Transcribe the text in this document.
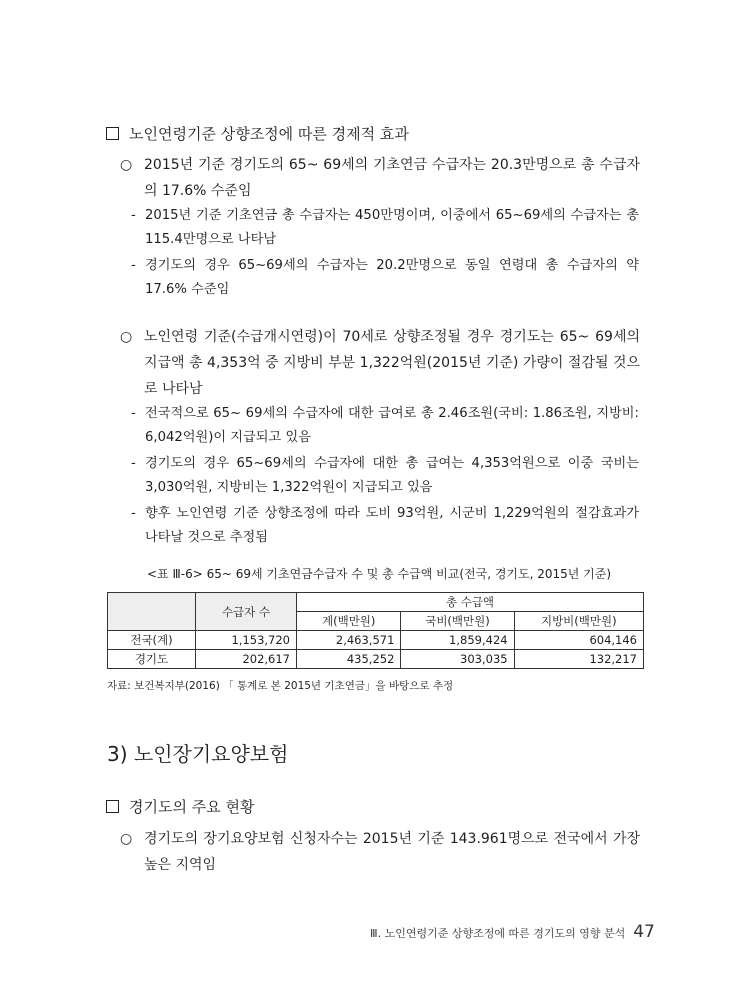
노인연령기준 상향조정에 따른 경제적 효과
○ 2015년 기준 경기도의 65~ 69세의 기초연금 수급자는 20.3만명으로 총 수급자의 17.6% 수준임
- 2015년 기준 기초연금 총 수급자는 450만명이며, 이중에서 65~69세의 수급자는 총 115.4만명으로 나타남
- 경기도의 경우 65~69세의 수급자는 20.2만명으로 동일 연령대 총 수급자의 약 17.6% 수준임
○ 노인연령 기준(수급개시연령)이 70세로 상향조정될 경우 경기도는 65~ 69세의 지급액 총 4,353억 중 지방비 부분 1,322억원(2015년 기준) 가량이 절감될 것으로 나타남
- 전국적으로 65~ 69세의 수급자에 대한 급여로 총 2.46조원(국비: 1.86조원, 지방비: 6,042억원)이 지급되고 있음
- 경기도의 경우 65~69세의 수급자에 대한 총 급여는 4,353억원으로 이중 국비는 3,030억원, 지방비는 1,322억원이 지급되고 있음
- 향후 노인연령 기준 상향조정에 따라 도비 93억원, 시군비 1,229억원의 절감효과가 나타날 것으로 추정됨
<표 Ⅲ-6> 65~ 69세 기초연금수급자 수 및 총 수급액 비교(전국, 경기도, 2015년 기준)
	수급자 수	총 수급액		
		계(백만원)	국비(백만원)	지방비(백만원)
전국(계)	1,153,720	2,463,571	1,859,424	604,146
경기도	202,617	435,252	303,035	132,217
자료: 보건복지부(2016) 「 통계로 본 2015년 기초연금」을 바탕으로 추정
3) 노인장기요양보험
경기도의 주요 현황
○ 경기도의 장기요양보험 신청자수는 2015년 기준 143.961명으로 전국에서 가장 높은 지역임
Ⅲ. 노인연령기준 상향조정에 따른 경기도의 영향 분석 47
